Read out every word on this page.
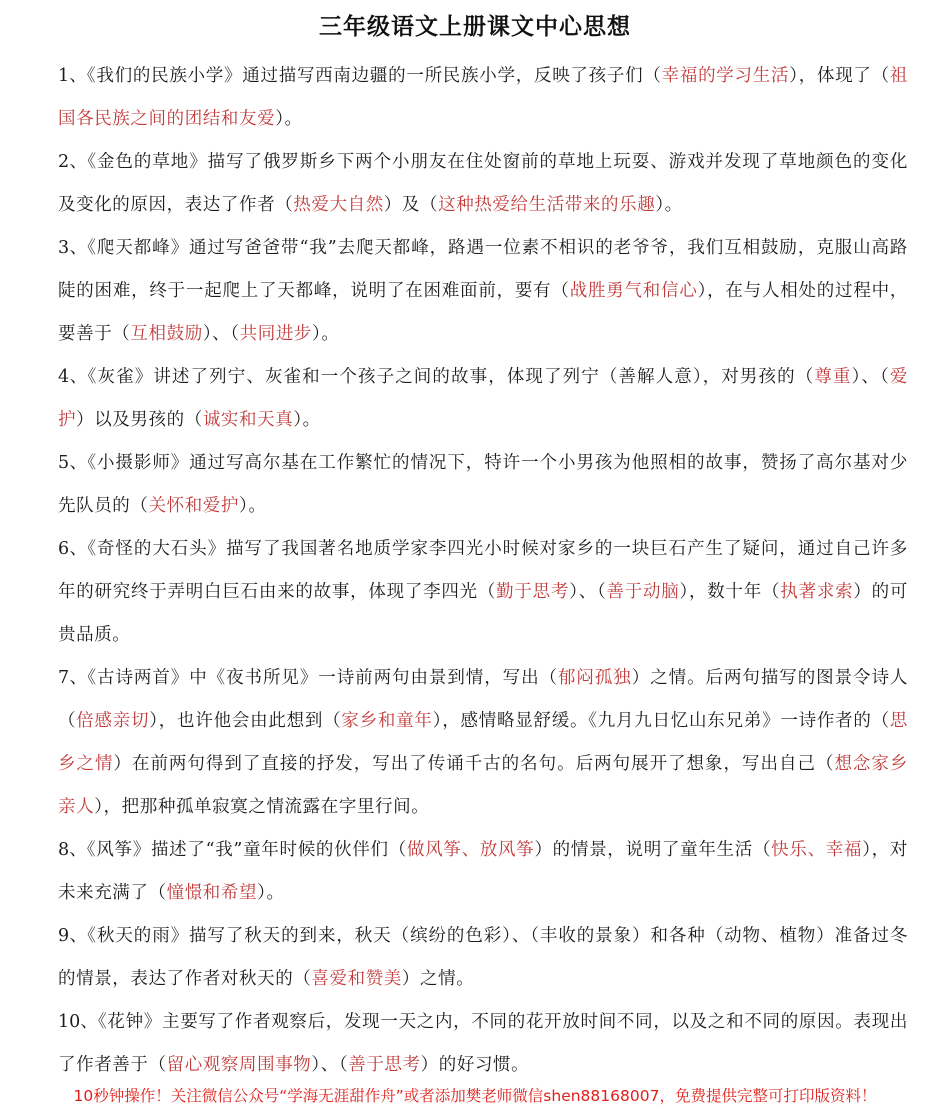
三年级语文上册课文中心思想

1、《我们的民族小学》通过描写西南边疆的一所民族小学，反映了孩子们（幸福的学习生活），体现了（祖国各民族之间的团结和友爱）。

2、《金色的草地》描写了俄罗斯乡下两个小朋友在住处窗前的草地上玩耍、游戏并发现了草地颜色的变化及变化的原因，表达了作者（热爱大自然）及（这种热爱给生活带来的乐趣）。

3、《爬天都峰》通过写爸爸带“我”去爬天都峰，路遇一位素不相识的老爷爷，我们互相鼓励，克服山高路陡的困难，终于一起爬上了天都峰，说明了在困难面前，要有（战胜勇气和信心），在与人相处的过程中，要善于（互相鼓励）、（共同进步）。

4、《灰雀》讲述了列宁、灰雀和一个孩子之间的故事，体现了列宁（善解人意），对男孩的（尊重）、（爱护）以及男孩的（诚实和天真）。

5、《小摄影师》通过写高尔基在工作繁忙的情况下，特许一个小男孩为他照相的故事，赞扬了高尔基对少先队员的（关怀和爱护）。

6、《奇怪的大石头》描写了我国著名地质学家李四光小时候对家乡的一块巨石产生了疑问，通过自己许多年的研究终于弄明白巨石由来的故事，体现了李四光（勤于思考）、（善于动脑），数十年（执著求索）的可贵品质。

7、《古诗两首》中《夜书所见》一诗前两句由景到情，写出（郁闷孤独）之情。后两句描写的图景令诗人（倍感亲切），也许他会由此想到（家乡和童年），感情略显舒缓。《九月九日忆山东兄弟》一诗作者的（思乡之情）在前两句得到了直接的抒发，写出了传诵千古的名句。后两句展开了想象，写出自己（想念家乡亲人），把那种孤单寂寞之情流露在字里行间。

8、《风筝》描述了“我”童年时候的伙伴们（做风筝、放风筝）的情景，说明了童年生活（快乐、幸福），对未来充满了（憧憬和希望）。

9、《秋天的雨》描写了秋天的到来，秋天（缤纷的色彩）、（丰收的景象）和各种（动物、植物）准备过冬的情景，表达了作者对秋天的（喜爱和赞美）之情。

10、《花钟》主要写了作者观察后，发现一天之内，不同的花开放时间不同，以及之和不同的原因。表现出了作者善于（留心观察周围事物）、（善于思考）的好习惯。

10秒钟操作！关注微信公众号“学海无涯甜作舟”或者添加樊老师微信shen88168007，免费提供完整可打印版资料！
